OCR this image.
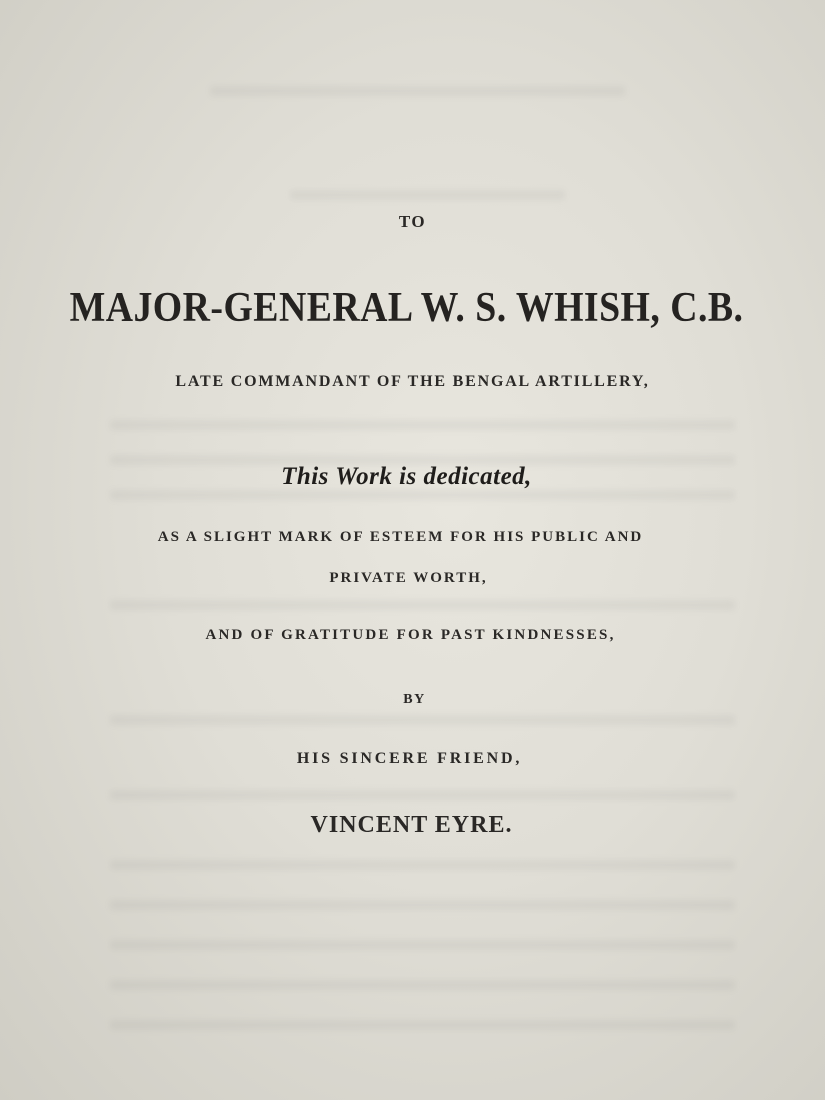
TO
MAJOR-GENERAL W. S. WHISH, C.B.
LATE COMMANDANT OF THE BENGAL ARTILLERY,
This Work is dedicated,
AS A SLIGHT MARK OF ESTEEM FOR HIS PUBLIC AND
PRIVATE WORTH,
AND OF GRATITUDE FOR PAST KINDNESSES,
BY
HIS SINCERE FRIEND,
VINCENT EYRE.
